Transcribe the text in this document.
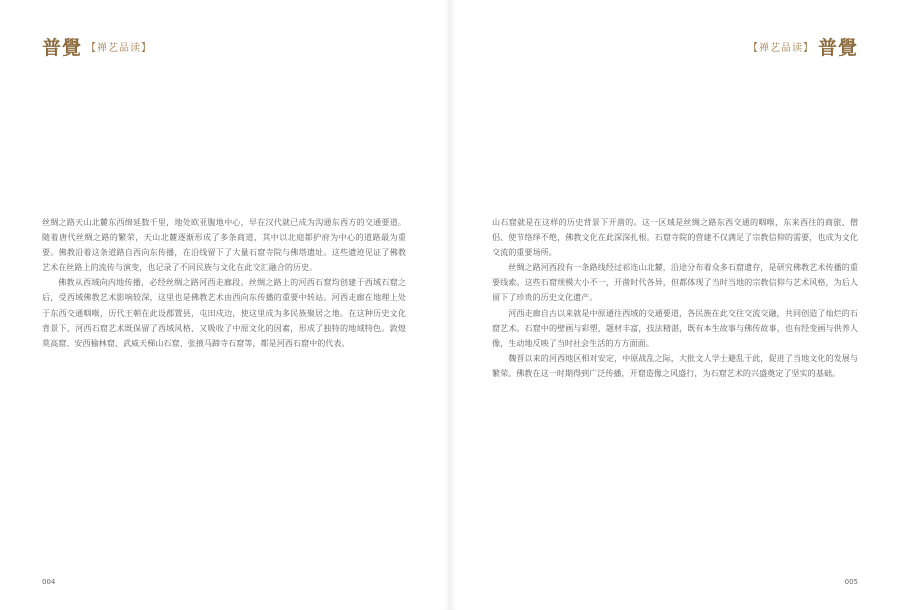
普覺 【禅艺品读】

丝绸之路天山北麓东西绵延数千里，地处欧亚腹地中心，早在汉代就已成为沟通东西方的交通要道。随着唐代丝绸之路的繁荣，天山北麓逐渐形成了多条商道，其中以北庭都护府为中心的道路最为重要。佛教沿着这条道路自西向东传播，在沿线留下了大量石窟寺院与佛塔遗址。这些遗迹见证了佛教艺术在丝路上的流传与演变，也记录了不同民族与文化在此交汇融合的历史。

佛教从西域向内地传播，必经丝绸之路河西走廊段。丝绸之路上的河西石窟均创建于西域石窟之后，受西域佛教艺术影响较深，这里也是佛教艺术由西向东传播的重要中转站。河西走廊在地理上处于东西交通咽喉，历代王朝在此设郡置县，屯田戍边，使这里成为多民族聚居之地。在这种历史文化背景下，河西石窟艺术既保留了西域风格，又吸收了中原文化的因素，形成了独特的地域特色。敦煌莫高窟、安西榆林窟、武威天梯山石窟、张掖马蹄寺石窟等，都是河西石窟中的代表。

004
【禅艺品读】 普覺

山石窟就是在这样的历史背景下开凿的。这一区域是丝绸之路东西交通的咽喉，东来西往的商旅、僧侣、使节络绎不绝，佛教文化在此深深扎根。石窟寺院的营建不仅满足了宗教信仰的需要，也成为文化交流的重要场所。

丝绸之路河西段有一条路线经过祁连山北麓，沿途分布着众多石窟遗存，是研究佛教艺术传播的重要线索。这些石窟规模大小不一，开凿时代各异，但都体现了当时当地的宗教信仰与艺术风格，为后人留下了珍贵的历史文化遗产。

河西走廊自古以来就是中原通往西域的交通要道，各民族在此交往交流交融，共同创造了灿烂的石窟艺术。石窟中的壁画与彩塑，题材丰富，技法精湛，既有本生故事与佛传故事，也有经变画与供养人像，生动地反映了当时社会生活的方方面面。

魏晋以来的河西地区相对安定，中原战乱之际，大批文人学士避乱于此，促进了当地文化的发展与繁荣。佛教在这一时期得到广泛传播，开窟造像之风盛行，为石窟艺术的兴盛奠定了坚实的基础。

005
